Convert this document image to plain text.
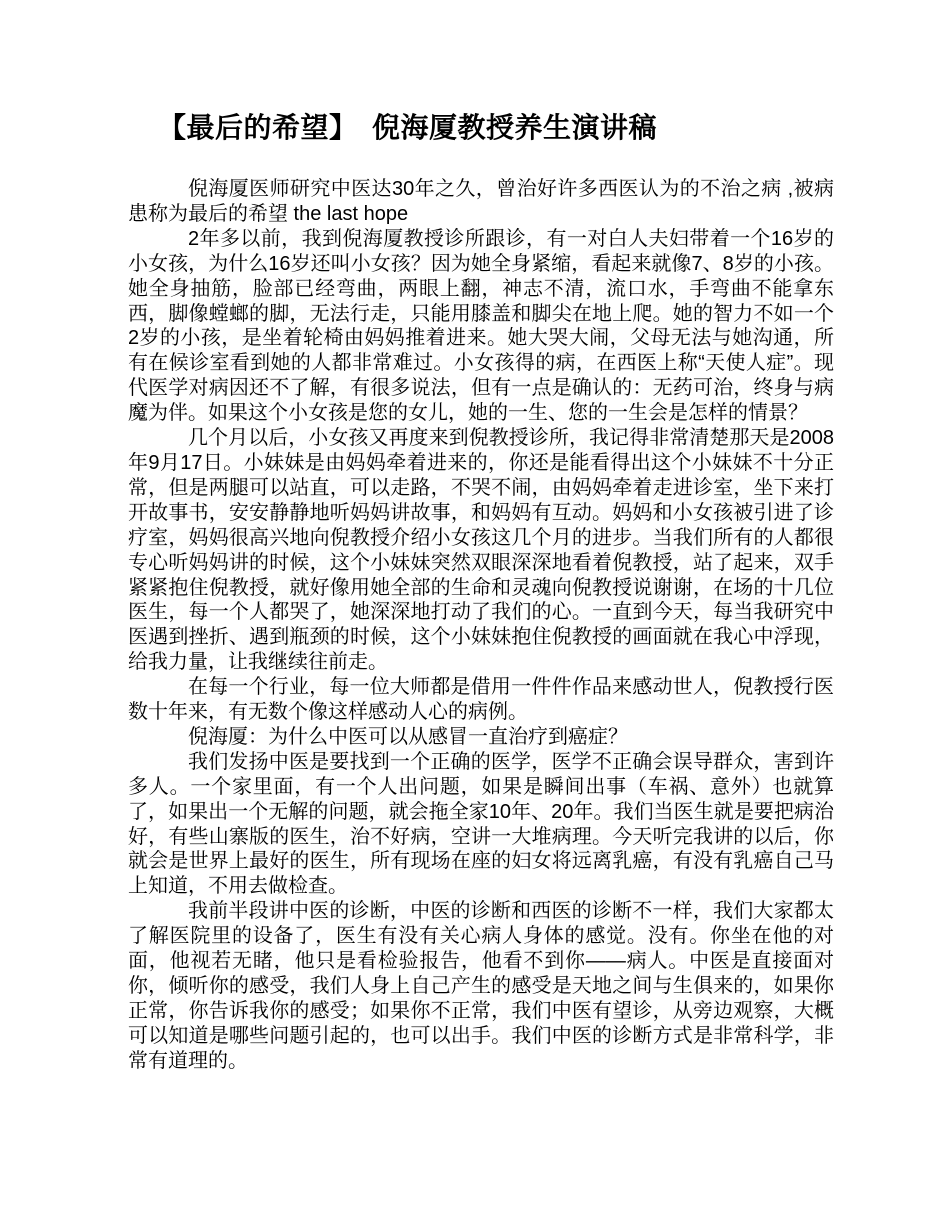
【最后的希望】　倪海厦教授养生演讲稿

倪海厦医师研究中医达30年之久，曾治好许多西医认为的不治之病 ,被病患称为最后的希望 the last hope

2年多以前，我到倪海厦教授诊所跟诊，有一对白人夫妇带着一个16岁的小女孩，为什么16岁还叫小女孩？因为她全身紧缩，看起来就像7、8岁的小孩。她全身抽筋，脸部已经弯曲，两眼上翻，神志不清，流口水，手弯曲不能拿东西，脚像螳螂的脚，无法行走，只能用膝盖和脚尖在地上爬。她的智力不如一个2岁的小孩，是坐着轮椅由妈妈推着进来。她大哭大闹，父母无法与她沟通，所有在候诊室看到她的人都非常难过。小女孩得的病，在西医上称“天使人症”。现代医学对病因还不了解，有很多说法，但有一点是确认的：无药可治，终身与病魔为伴。如果这个小女孩是您的女儿，她的一生、您的一生会是怎样的情景？

几个月以后，小女孩又再度来到倪教授诊所，我记得非常清楚那天是2008年9月17日。小妹妹是由妈妈牵着进来的，你还是能看得出这个小妹妹不十分正常，但是两腿可以站直，可以走路，不哭不闹，由妈妈牵着走进诊室，坐下来打开故事书，安安静静地听妈妈讲故事，和妈妈有互动。妈妈和小女孩被引进了诊疗室，妈妈很高兴地向倪教授介绍小女孩这几个月的进步。当我们所有的人都很专心听妈妈讲的时候，这个小妹妹突然双眼深深地看着倪教授，站了起来，双手紧紧抱住倪教授，就好像用她全部的生命和灵魂向倪教授说谢谢，在场的十几位医生，每一个人都哭了，她深深地打动了我们的心。一直到今天，每当我研究中医遇到挫折、遇到瓶颈的时候，这个小妹妹抱住倪教授的画面就在我心中浮现，给我力量，让我继续往前走。

在每一个行业，每一位大师都是借用一件件作品来感动世人，倪教授行医数十年来，有无数个像这样感动人心的病例。

倪海厦：为什么中医可以从感冒一直治疗到癌症？

我们发扬中医是要找到一个正确的医学，医学不正确会误导群众，害到许多人。一个家里面，有一个人出问题，如果是瞬间出事（车祸、意外）也就算了，如果出一个无解的问题，就会拖全家10年、20年。我们当医生就是要把病治好，有些山寨版的医生，治不好病，空讲一大堆病理。今天听完我讲的以后，你就会是世界上最好的医生，所有现场在座的妇女将远离乳癌，有没有乳癌自己马上知道，不用去做检查。

我前半段讲中医的诊断，中医的诊断和西医的诊断不一样，我们大家都太了解医院里的设备了，医生有没有关心病人身体的感觉。没有。你坐在他的对面，他视若无睹，他只是看检验报告，他看不到你——病人。中医是直接面对你，倾听你的感受，我们人身上自己产生的感受是天地之间与生俱来的，如果你正常，你告诉我你的感受；如果你不正常，我们中医有望诊，从旁边观察，大概可以知道是哪些问题引起的，也可以出手。我们中医的诊断方式是非常科学，非常有道理的。
